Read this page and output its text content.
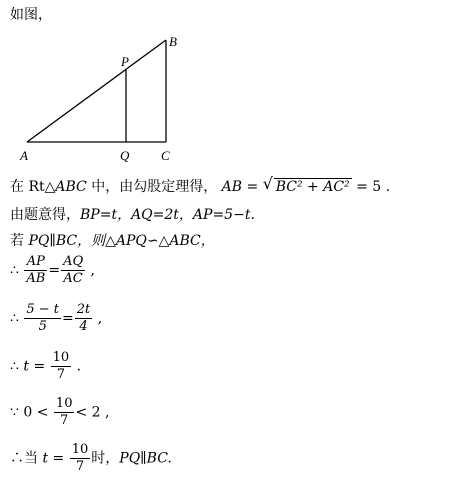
如图，
A
B
C
P
Q
在 Rt△ABC 中，由勾股定理得， AB = √ BC² + AC² = 5 .
由题意得，BP=t，AQ=2t，AP=5−t.
若 PQ∥BC，则△APQ∽△ABC，
∴ $\frac{AP}{AB} = \frac{AQ}{AC}$ ,
∴ $\frac{5 - t}{5} = \frac{2t}{4}$ ,
∴ $t = \frac{10}{7}$ .
∵ $0 < \frac{10}{7} < 2$ ,
∴当 $t = \frac{10}{7}$ 时，PQ∥BC.
